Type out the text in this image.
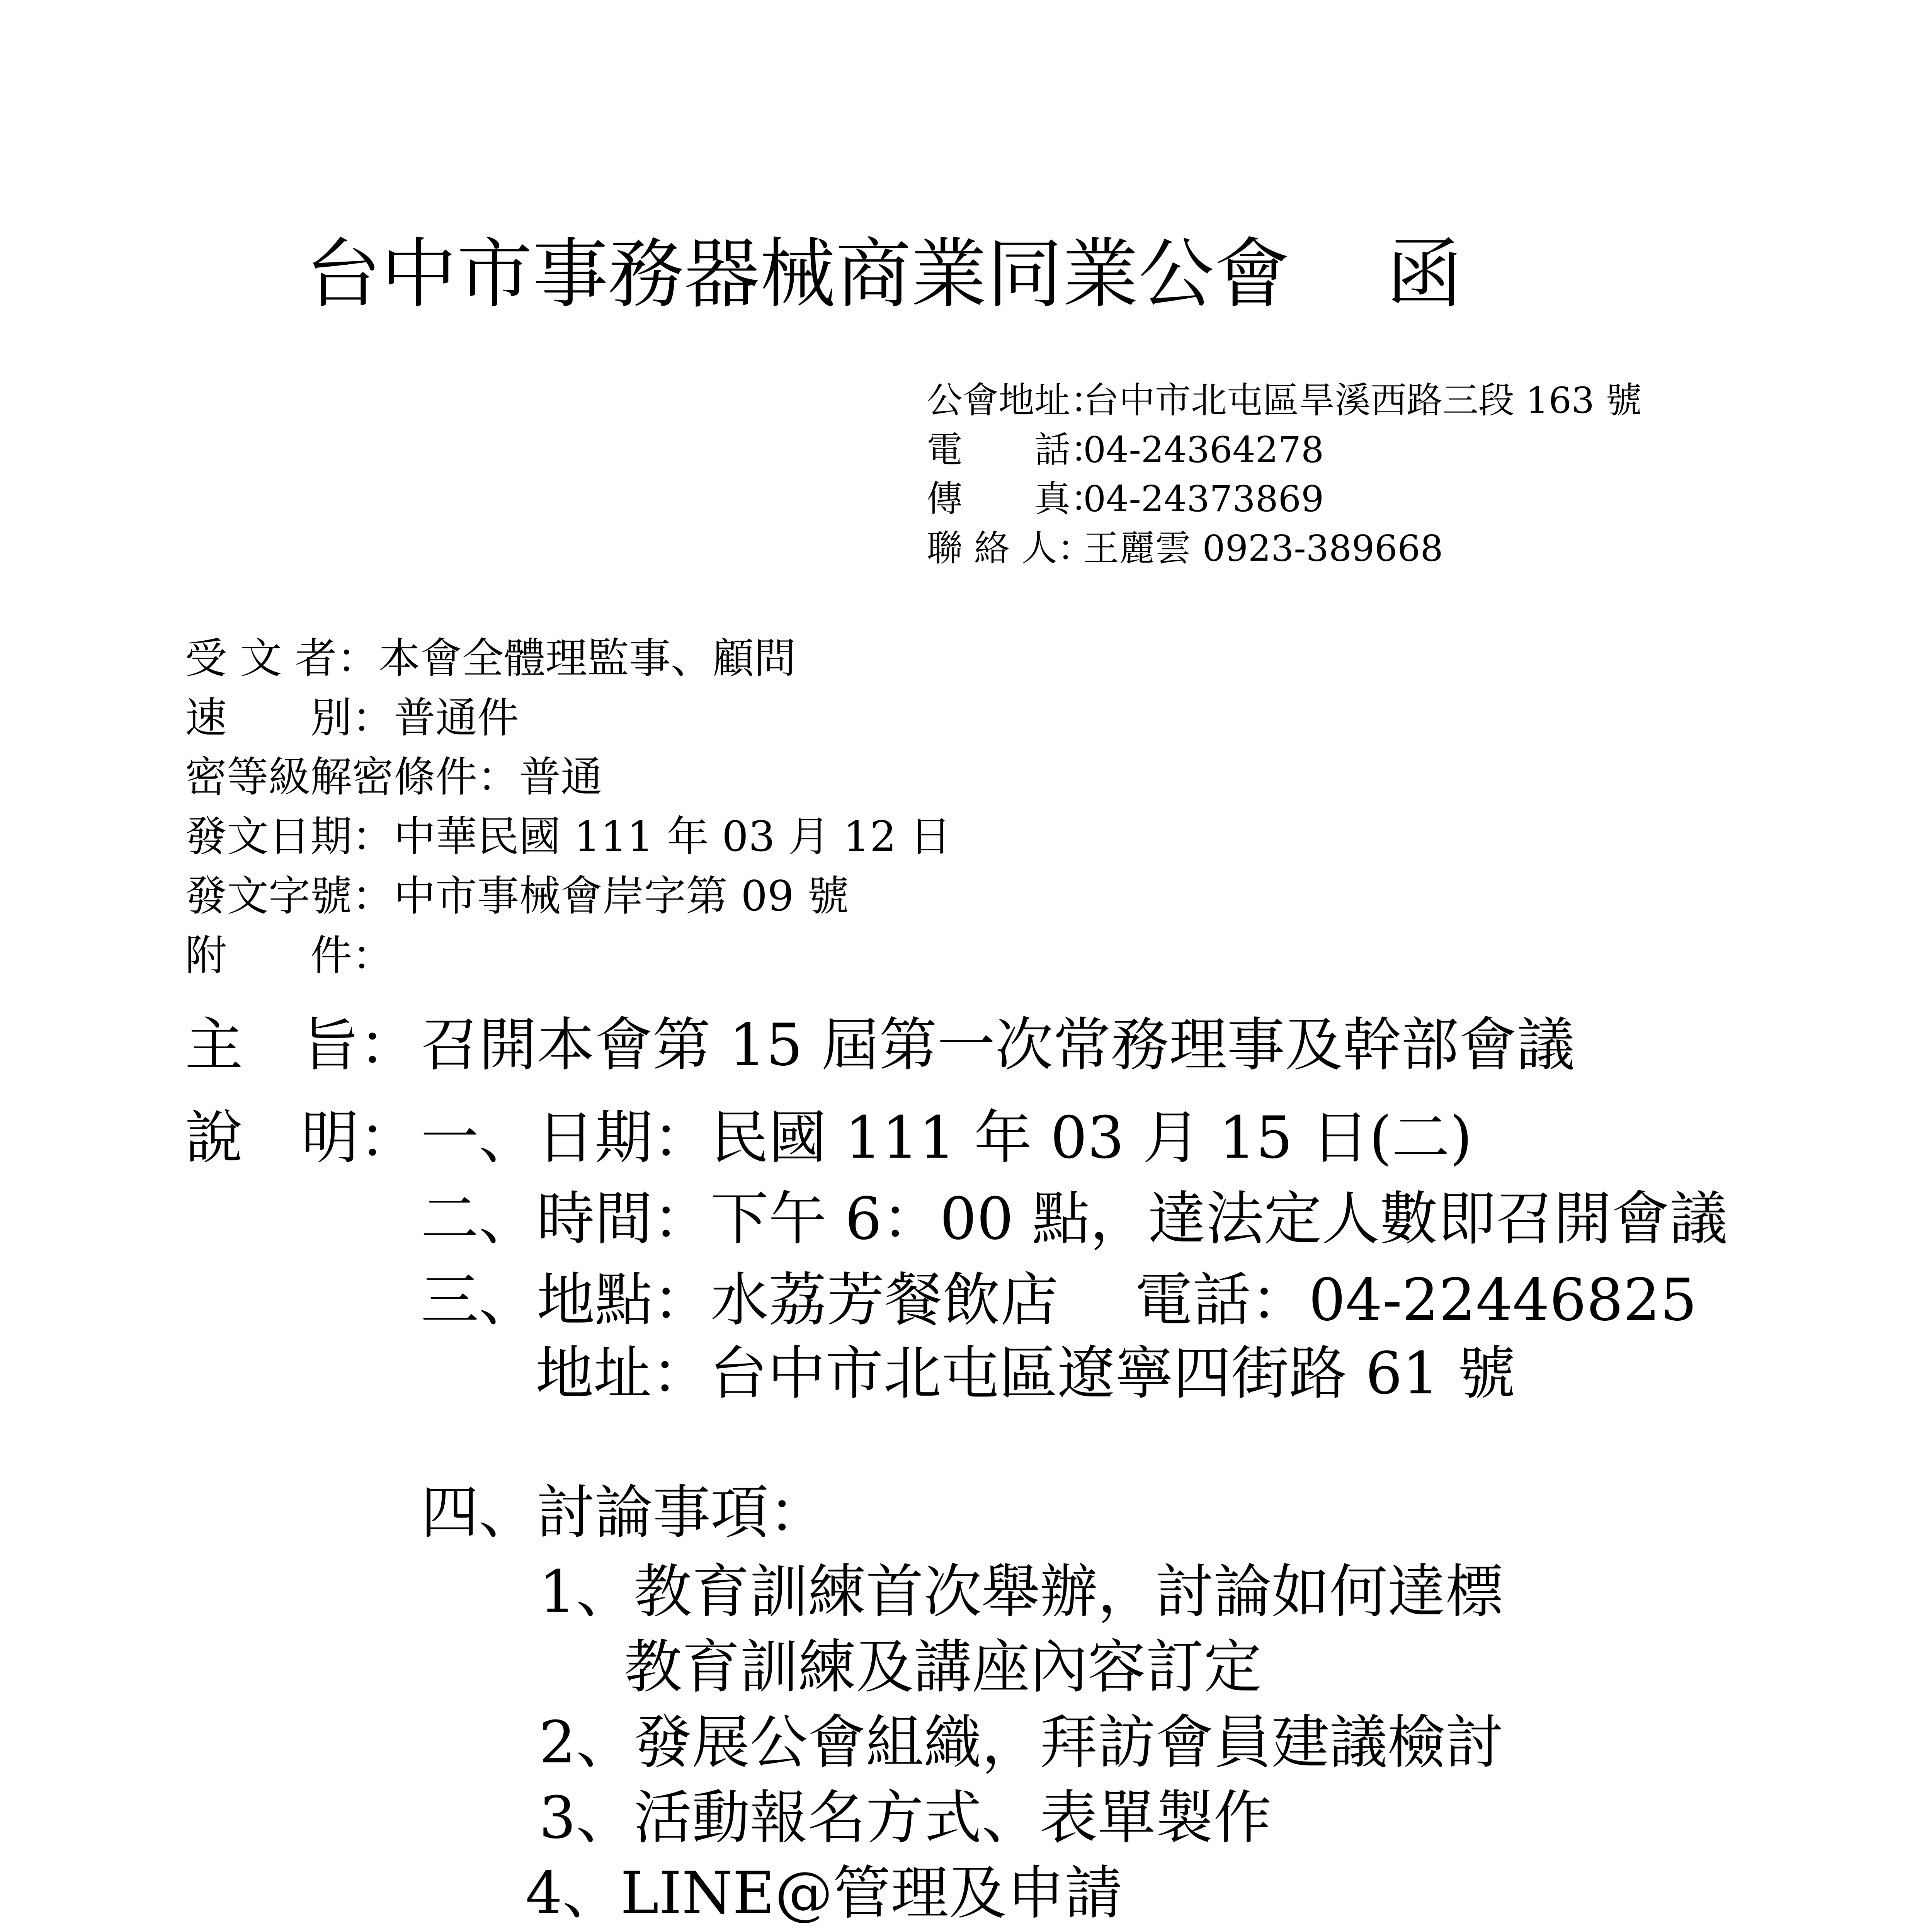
台中市事務器械商業同業公會 函
公會地址：台中市北屯區旱溪西路三段 163 號
電　　話：04-24364278
傳　　真：04-24373869
聯 絡 人：王麗雲 0923-389668
受 文 者：本會全體理監事、顧問
速　　別：普通件
密等級解密條件：普通
發文日期：中華民國 111 年 03 月 12 日
發文字號：中市事械會岸字第 09 號
附　　件：
主　旨：召開本會第 15 屆第一次常務理事及幹部會議
說　明：一、日期：民國 111 年 03 月 15 日(二)
二、時間：下午 6：00 點，達法定人數即召開會議
三、地點：水荔芳餐飲店　 電話：04-22446825
地址：台中市北屯區遼寧四街路 61 號
四、討論事項：
1、教育訓練首次舉辦，討論如何達標
教育訓練及講座內容訂定
2、發展公會組織，拜訪會員建議檢討
3、活動報名方式、表單製作
4、LINE@管理及申請
